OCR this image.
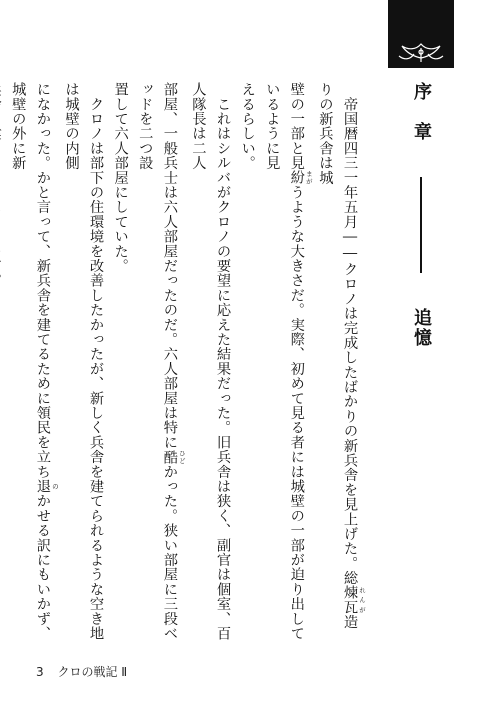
序　章  追憶
　帝国暦四三一年五月――クロノは完成したばかりの新兵舎を見上げた。総煉瓦 れんが造りの新兵舎は城
壁の一部と見紛 まがうような大きさだ。実際、初めて見る者には城壁の一部が迫り出しているように見
えるらしい。
　これはシルバがクロノの要望に応えた結果だった。旧兵舎は狭く、副官は個室、百人隊長は二人
部屋、一般兵士は六人部屋だったのだ。六人部屋は特に酷 ひどかった。狭い部屋に三段ベッドを二つ設
置して六人部屋にしていた。
　クロノは部下の住環境を改善したかったが、新しく兵舎を建てられるような空き地は城壁の内側
になかった。かと言って、新兵舎を建てるために領民を立ち退 のかせる訳にもいかず、城壁の外に新
3 クロの戦記 Ⅱ
